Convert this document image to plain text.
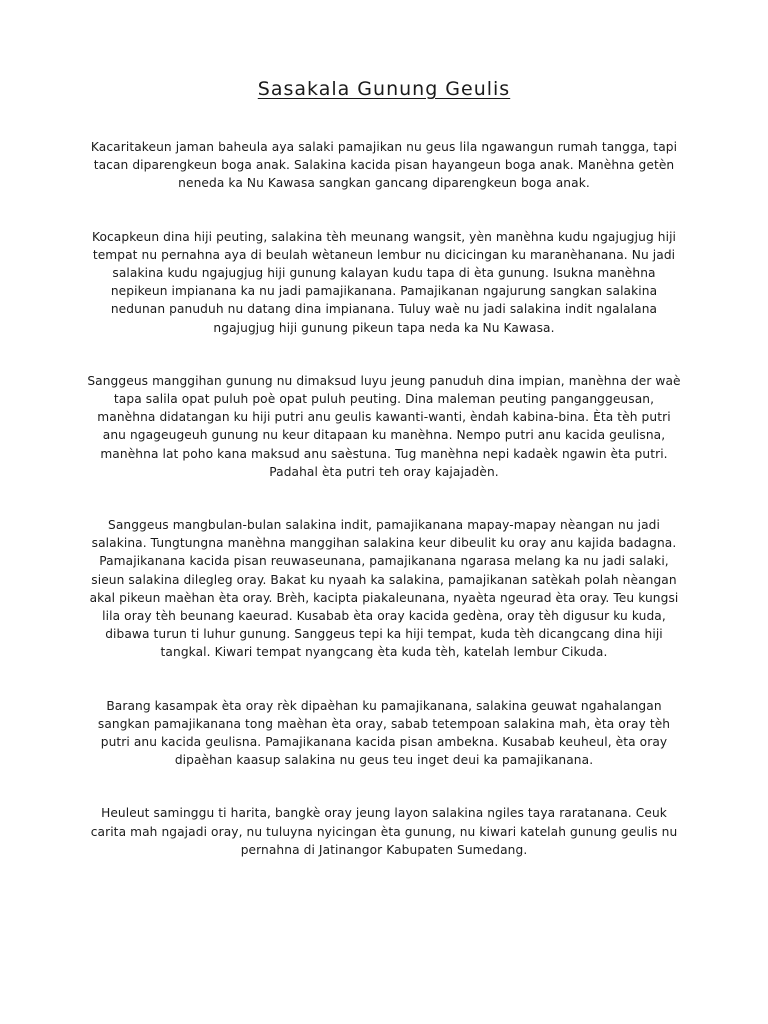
Sasakala Gunung Geulis

Kacaritakeun jaman baheula aya salaki pamajikan nu geus lila ngawangun rumah tangga, tapi tacan diparengkeun boga anak. Salakina kacida pisan hayangeun boga anak. Manèhna getèn neneda ka Nu Kawasa sangkan gancang diparengkeun boga anak.

Kocapkeun dina hiji peuting, salakina tèh meunang wangsit, yèn manèhna kudu ngajugjug hiji tempat nu pernahna aya di beulah wètaneun lembur nu dicicingan ku maranèhanana. Nu jadi salakina kudu ngajugjug hiji gunung kalayan kudu tapa di èta gunung. Isukna manèhna nepikeun impianana ka nu jadi pamajikanana. Pamajikanan ngajurung sangkan salakina nedunan panuduh nu datang dina impianana. Tuluy waè nu jadi salakina indit ngalalana ngajugjug hiji gunung pikeun tapa neda ka Nu Kawasa.

Sanggeus manggihan gunung nu dimaksud luyu jeung panuduh dina impian, manèhna der waè tapa salila opat puluh poè opat puluh peuting. Dina maleman peuting panganggeusan, manèhna didatangan ku hiji putri anu geulis kawanti-wanti, èndah kabina-bina. Èta tèh putri anu ngageugeuh gunung nu keur ditapaan ku manèhna. Nempo putri anu kacida geulisna, manèhna lat poho kana maksud anu saèstuna. Tug manèhna nepi kadaèk ngawin èta putri. Padahal èta putri teh oray kajajadèn.

Sanggeus mangbulan-bulan salakina indit, pamajikanana mapay-mapay nèangan nu jadi salakina. Tungtungna manèhna manggihan salakina keur dibeulit ku oray anu kajida badagna. Pamajikanana kacida pisan reuwaseunana, pamajikanana ngarasa melang ka nu jadi salaki, sieun salakina dilegleg oray. Bakat ku nyaah ka salakina, pamajikanan satèkah polah nèangan akal pikeun maèhan èta oray. Brèh, kacipta piakaleunana, nyaèta ngeurad èta oray. Teu kungsi lila oray tèh beunang kaeurad. Kusabab èta oray kacida gedèna, oray tèh digusur ku kuda, dibawa turun ti luhur gunung. Sanggeus tepi ka hiji tempat, kuda tèh dicangcang dina hiji tangkal. Kiwari tempat nyangcang èta kuda tèh, katelah lembur Cikuda.

Barang kasampak èta oray rèk dipaèhan ku pamajikanana, salakina geuwat ngahalangan sangkan pamajikanana tong maèhan èta oray, sabab tetempoan salakina mah, èta oray tèh putri anu kacida geulisna. Pamajikanana kacida pisan ambekna. Kusabab keuheul, èta oray dipaèhan kaasup salakina nu geus teu inget deui ka pamajikanana.

Heuleut saminggu ti harita, bangkè oray jeung layon salakina ngiles taya raratanana. Ceuk carita mah ngajadi oray, nu tuluyna nyicingan èta gunung, nu kiwari katelah gunung geulis nu pernahna di Jatinangor Kabupaten Sumedang.
